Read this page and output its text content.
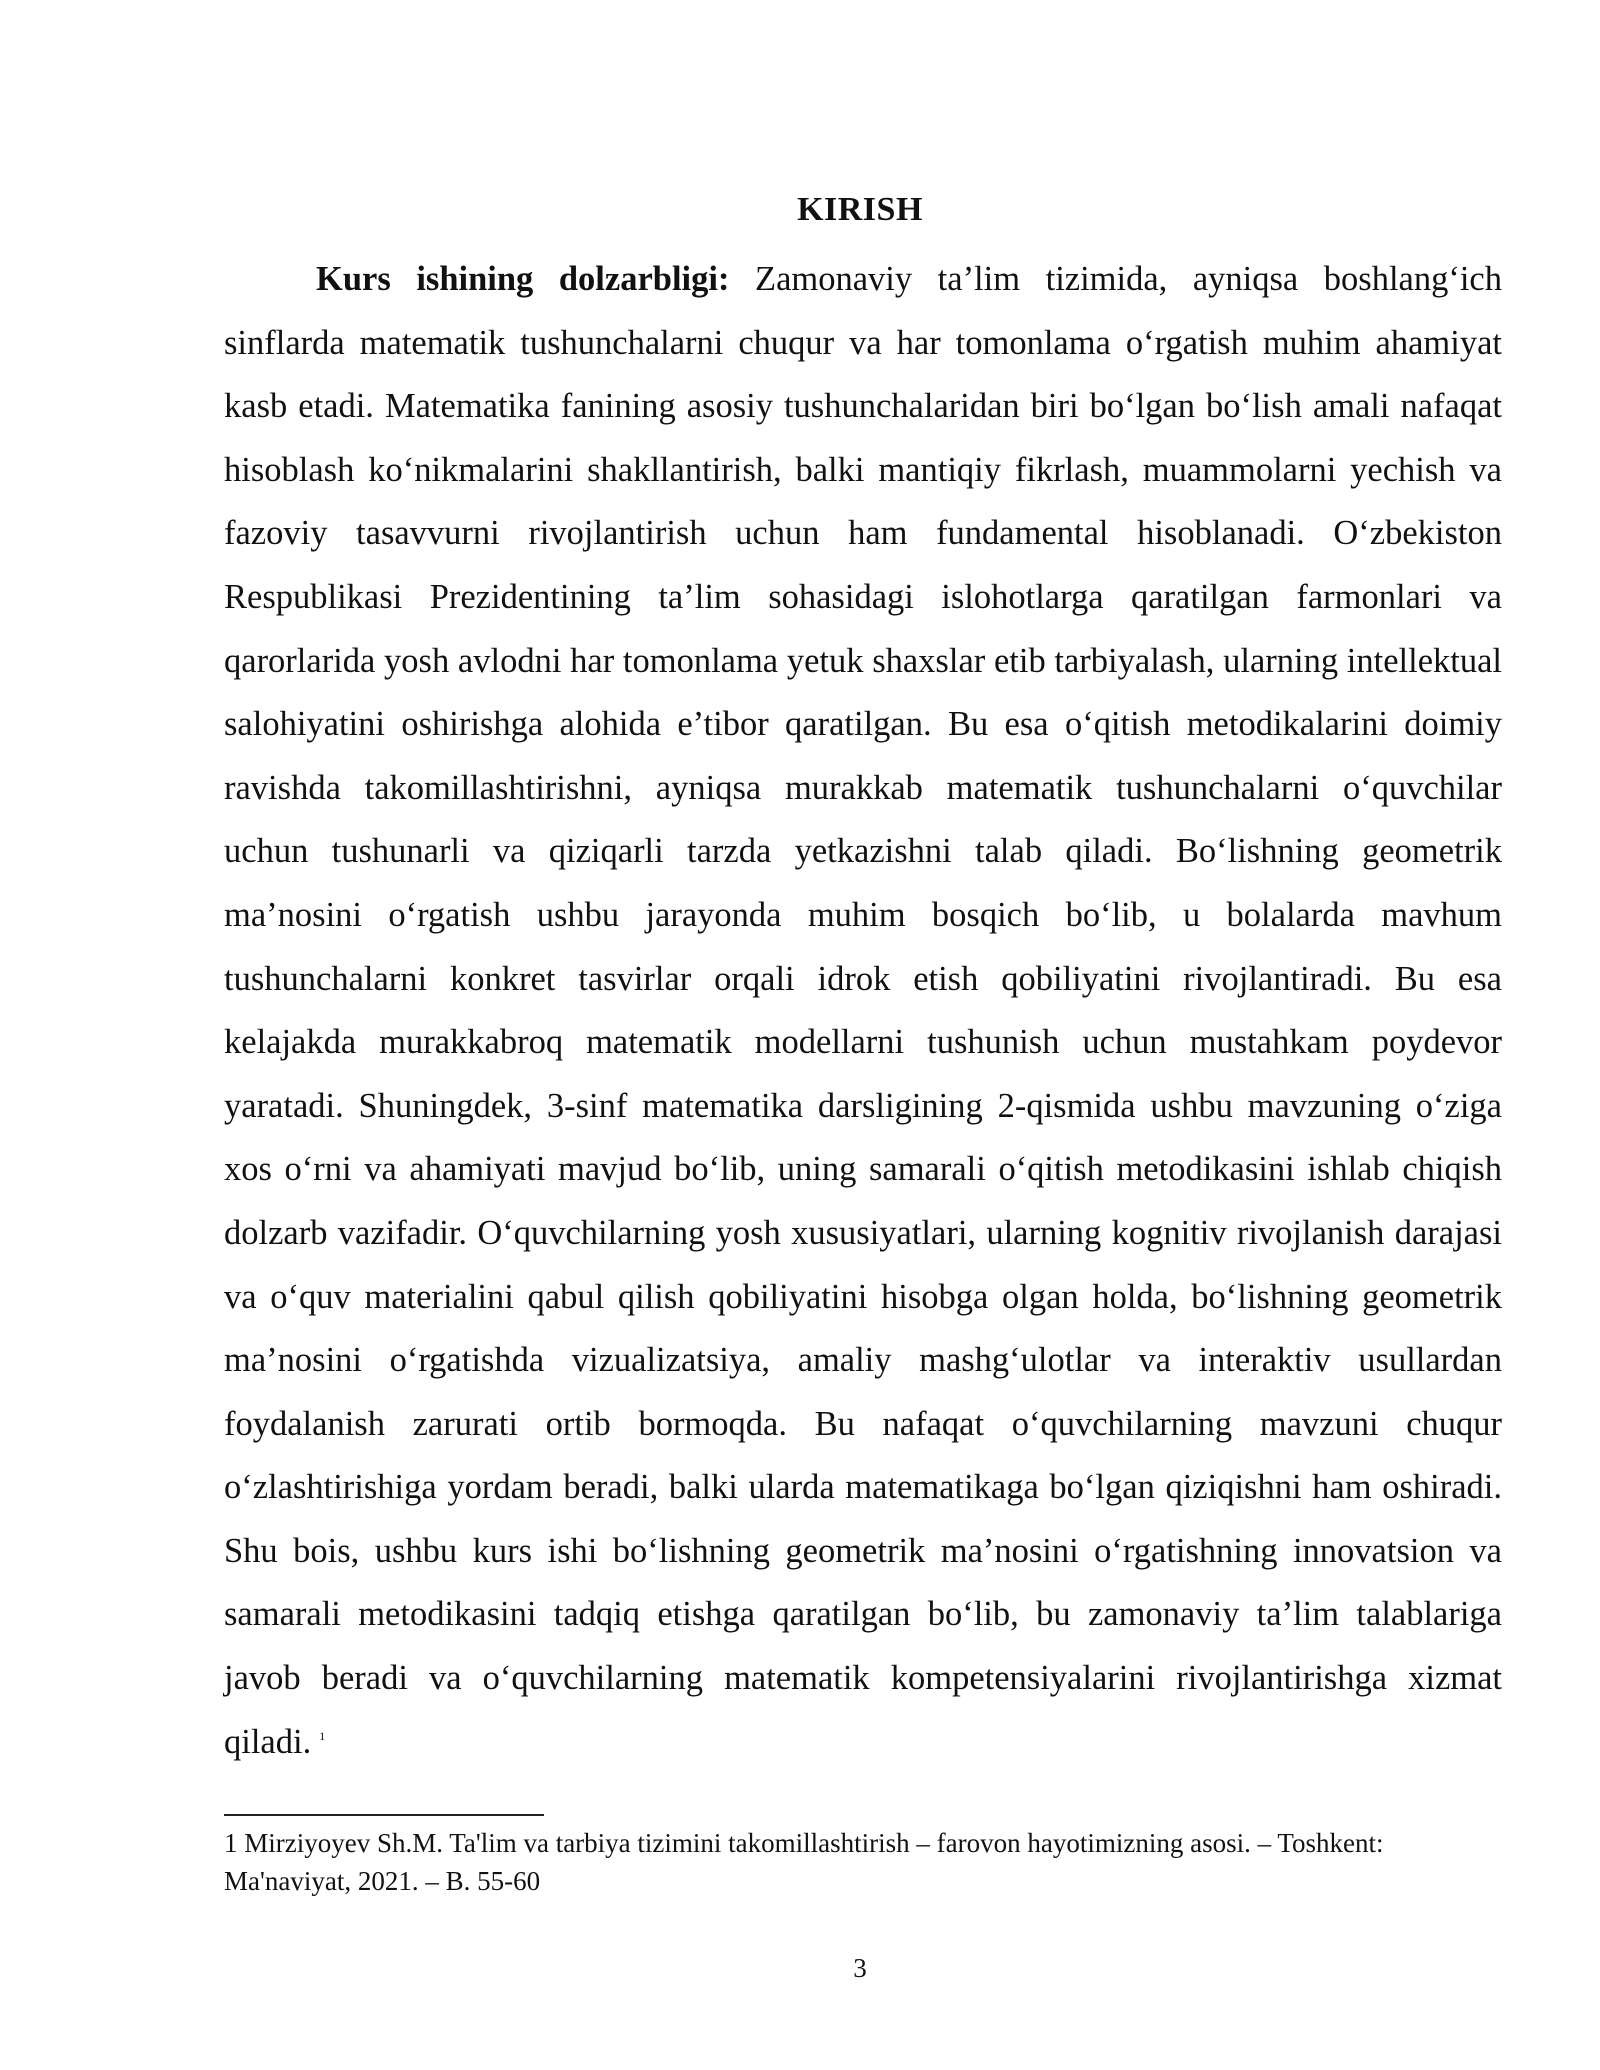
KIRISH

Kurs ishining dolzarbligi: Zamonaviy ta’lim tizimida, ayniqsa boshlang‘ich sinflarda matematik tushunchalarni chuqur va har tomonlama o‘rgatish muhim ahamiyat kasb etadi. Matematika fanining asosiy tushunchalaridan biri bo‘lgan bo‘lish amali nafaqat hisoblash ko‘nikmalarini shakllantirish, balki mantiqiy fikrlash, muammolarni yechish va fazoviy tasavvurni rivojlantirish uchun ham fundamental hisoblanadi. O‘zbekiston Respublikasi Prezidentining ta’lim sohasidagi islohotlarga qaratilgan farmonlari va qarorlarida yosh avlodni har tomonlama yetuk shaxslar etib tarbiyalash, ularning intellektual salohiyatini oshirishga alohida e’tibor qaratilgan. Bu esa o‘qitish metodikalarini doimiy ravishda takomillashtirishni, ayniqsa murakkab matematik tushunchalarni o‘quvchilar uchun tushunarli va qiziqarli tarzda yetkazishni talab qiladi. Bo‘lishning geometrik ma’nosini o‘rgatish ushbu jarayonda muhim bosqich bo‘lib, u bolalarda mavhum tushunchalarni konkret tasvirlar orqali idrok etish qobiliyatini rivojlantiradi. Bu esa kelajakda murakkabroq matematik modellarni tushunish uchun mustahkam poydevor yaratadi. Shuningdek, 3-sinf matematika darsligining 2-qismida ushbu mavzuning o‘ziga xos o‘rni va ahamiyati mavjud bo‘lib, uning samarali o‘qitish metodikasini ishlab chiqish dolzarb vazifadir. O‘quvchilarning yosh xususiyatlari, ularning kognitiv rivojlanish darajasi va o‘quv materialini qabul qilish qobiliyatini hisobga olgan holda, bo‘lishning geometrik ma’nosini o‘rgatishda vizualizatsiya, amaliy mashg‘ulotlar va interaktiv usullardan foydalanish zarurati ortib bormoqda. Bu nafaqat o‘quvchilarning mavzuni chuqur o‘zlashtirishiga yordam beradi, balki ularda matematikaga bo‘lgan qiziqishni ham oshiradi. Shu bois, ushbu kurs ishi bo‘lishning geometrik ma’nosini o‘rgatishning innovatsion va samarali metodikasini tadqiq etishga qaratilgan bo‘lib, bu zamonaviy ta’lim talablariga javob beradi va o‘quvchilarning matematik kompetensiyalarini rivojlantirishga xizmat qiladi. $^1$

1 Mirziyoyev Sh.M. Ta'lim va tarbiya tizimini takomillashtirish – farovon hayotimizning asosi. – Toshkent: Ma'naviyat, 2021. – B. 55-60

3
